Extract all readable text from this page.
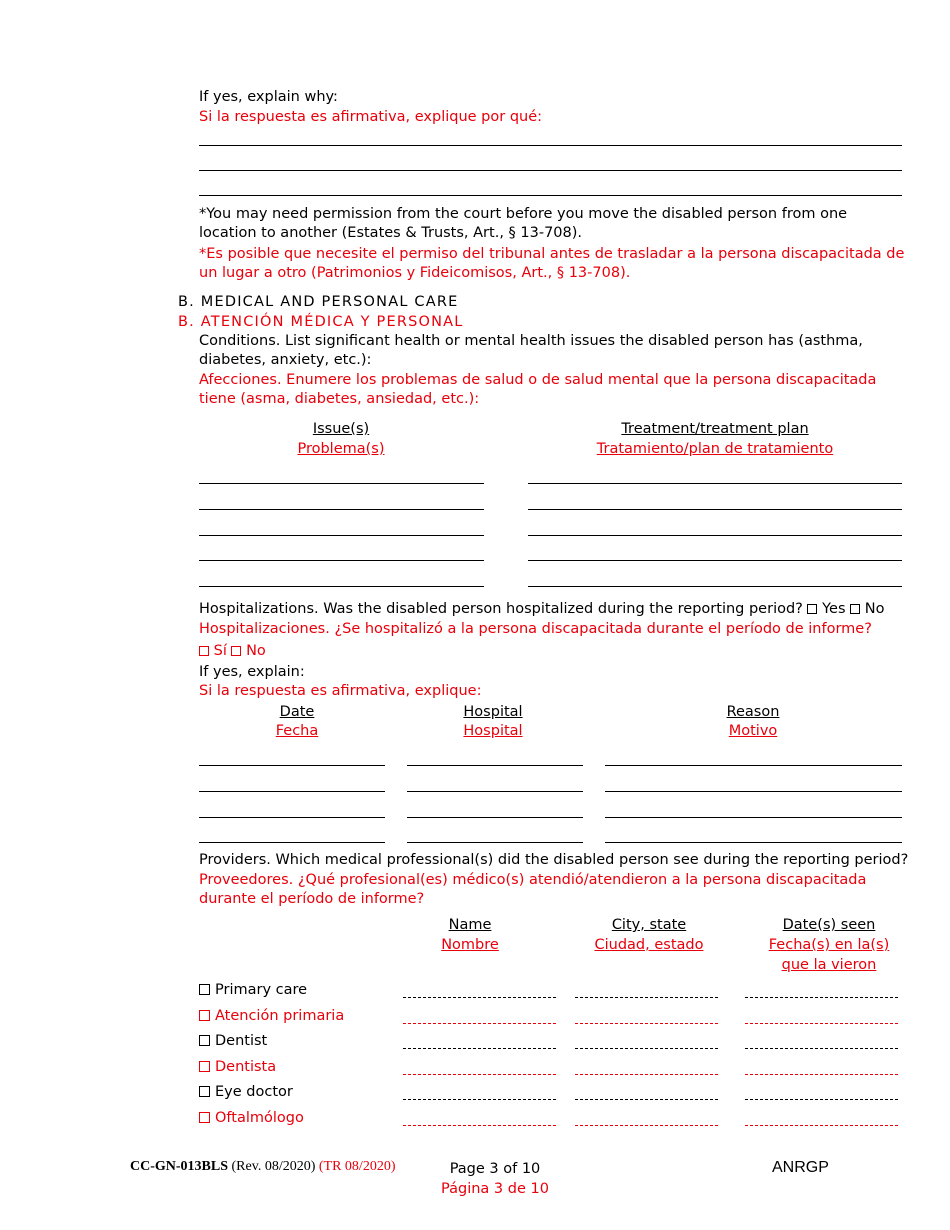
If yes, explain why:
Si la respuesta es afirmativa, explique por qué:
*You may need permission from the court before you move the disabled person from one location to another (Estates & Trusts, Art., § 13-708).
*Es posible que necesite el permiso del tribunal antes de trasladar a la persona discapacitada de un lugar a otro (Patrimonios y Fideicomisos, Art., § 13-708).
B. MEDICAL AND PERSONAL CARE
B. ATENCIÓN MÉDICA Y PERSONAL
Conditions. List significant health or mental health issues the disabled person has (asthma, diabetes, anxiety, etc.):
Afecciones. Enumere los problemas de salud o de salud mental que la persona discapacitada tiene (asma, diabetes, ansiedad, etc.):
Issue(s)
Problema(s)
Treatment/treatment plan
Tratamiento/plan de tratamiento
Hospitalizations. Was the disabled person hospitalized during the reporting period? Yes No
Hospitalizaciones. ¿Se hospitalizó a la persona discapacitada durante el período de informe?
Sí No
If yes, explain:
Si la respuesta es afirmativa, explique:
Date
Fecha
Hospital
Hospital
Reason
Motivo
Providers. Which medical professional(s) did the disabled person see during the reporting period?
Proveedores. ¿Qué profesional(es) médico(s) atendió/atendieron a la persona discapacitada durante el período de informe?
Name
Nombre
City, state
Ciudad, estado
Date(s) seen
Fecha(s) en la(s)
que la vieron
Primary care
Atención primaria
Dentist
Dentista
Eye doctor
Oftalmólogo
CC-GN-013BLS (Rev. 08/2020) (TR 08/2020)	Page 3 of 10
Página 3 de 10
ANRGP
